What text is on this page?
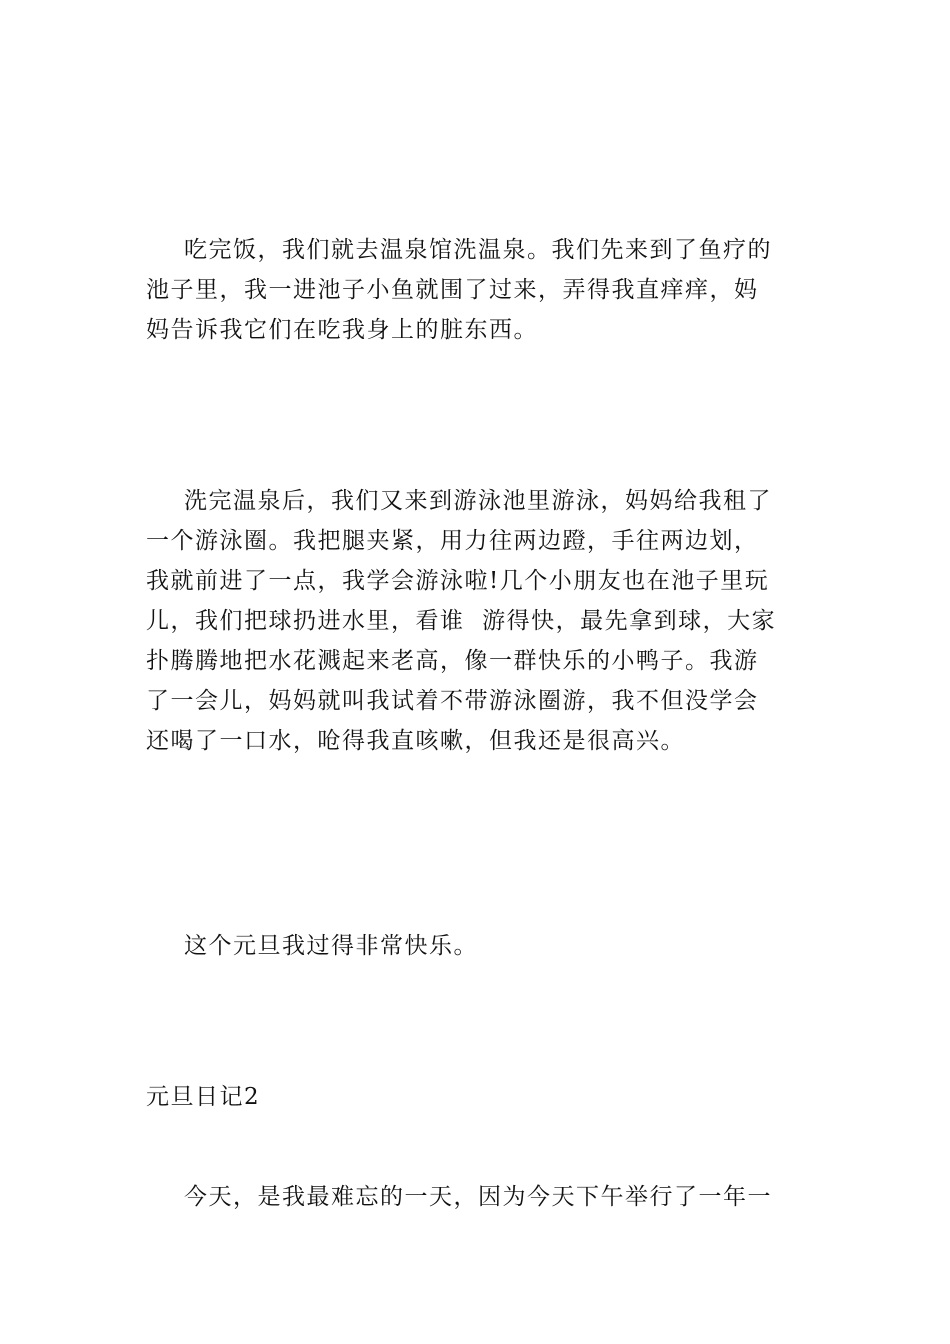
吃完饭，我们就去温泉馆洗温泉。我们先来到了鱼疗的
池子里，我一进池子小鱼就围了过来，弄得我直痒痒，妈
妈告诉我它们在吃我身上的脏东西。

洗完温泉后，我们又来到游泳池里游泳，妈妈给我租了
一个游泳圈。我把腿夹紧，用力往两边蹬，手往两边划，
我就前进了一点，我学会游泳啦!几个小朋友也在池子里玩
儿，我们把球扔进水里，看谁  游得快，最先拿到球，大家
扑腾腾地把水花溅起来老高，像一群快乐的小鸭子。我游
了一会儿，妈妈就叫我试着不带游泳圈游，我不但没学会
还喝了一口水，呛得我直咳嗽，但我还是很高兴。

这个元旦我过得非常快乐。

元旦日记2

今天，是我最难忘的一天，因为今天下午举行了一年一
